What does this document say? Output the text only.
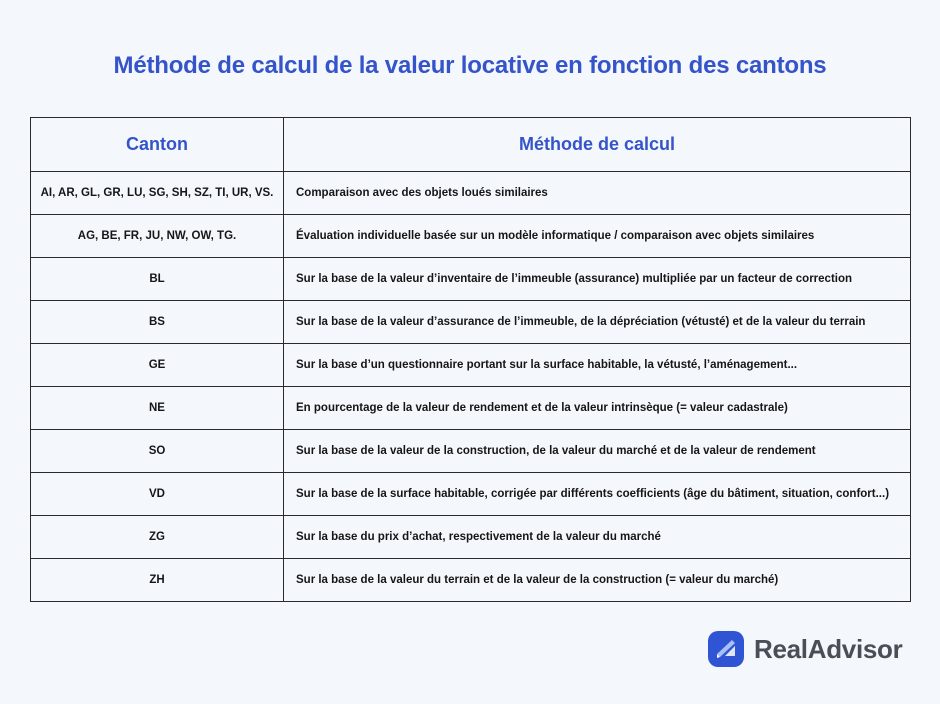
Méthode de calcul de la valeur locative en fonction des cantons
Canton	Méthode de calcul
AI, AR, GL, GR, LU, SG, SH, SZ, TI, UR, VS.	Comparaison avec des objets loués similaires
AG, BE, FR, JU, NW, OW, TG.	Évaluation individuelle basée sur un modèle informatique / comparaison avec objets similaires
BL	Sur la base de la valeur d’inventaire de l’immeuble (assurance) multipliée par un facteur de correction
BS	Sur la base de la valeur d’assurance de l’immeuble, de la dépréciation (vétusté) et de la valeur du terrain
GE	Sur la base d’un questionnaire portant sur la surface habitable, la vétusté, l’aménagement...
NE	En pourcentage de la valeur de rendement et de la valeur intrinsèque (= valeur cadastrale)
SO	Sur la base de la valeur de la construction, de la valeur du marché et de la valeur de rendement
VD	Sur la base de la surface habitable, corrigée par différents coefficients (âge du bâtiment, situation, confort...)
ZG	Sur la base du prix d’achat, respectivement de la valeur du marché
ZH	Sur la base de la valeur du terrain et de la valeur de la construction (= valeur du marché)
RealAdvisor
